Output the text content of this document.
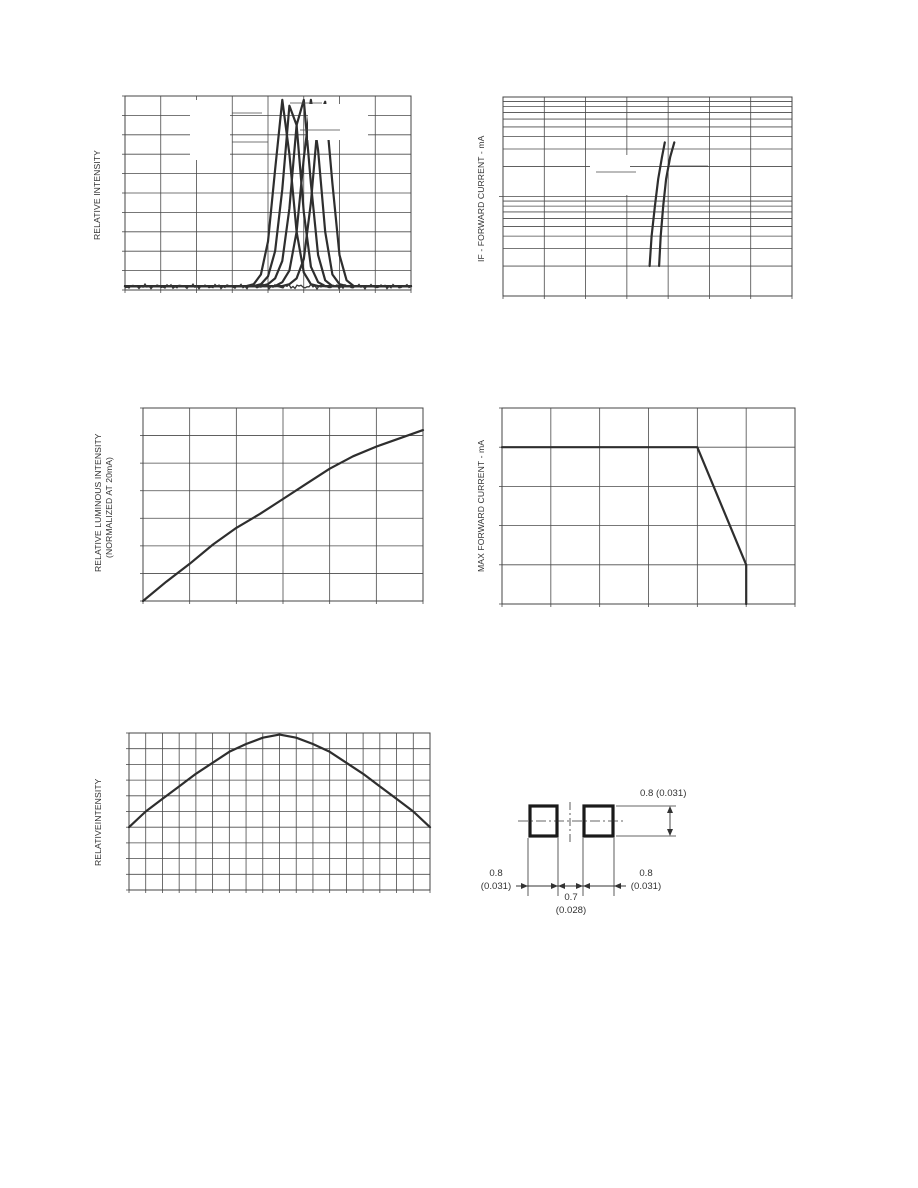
RELATIVE INTENSITY	IF - FORWARD CURRENT - mA
RELATIVE LUMINOUS INTENSITY (NORMALIZED AT 20mA)	MAX FORWARD CURRENT - mA
RELATIVEINTENSITY	0.8 (0.031)
0.8
(0.031)
0.8
(0.031)
0.7
(0.028)
